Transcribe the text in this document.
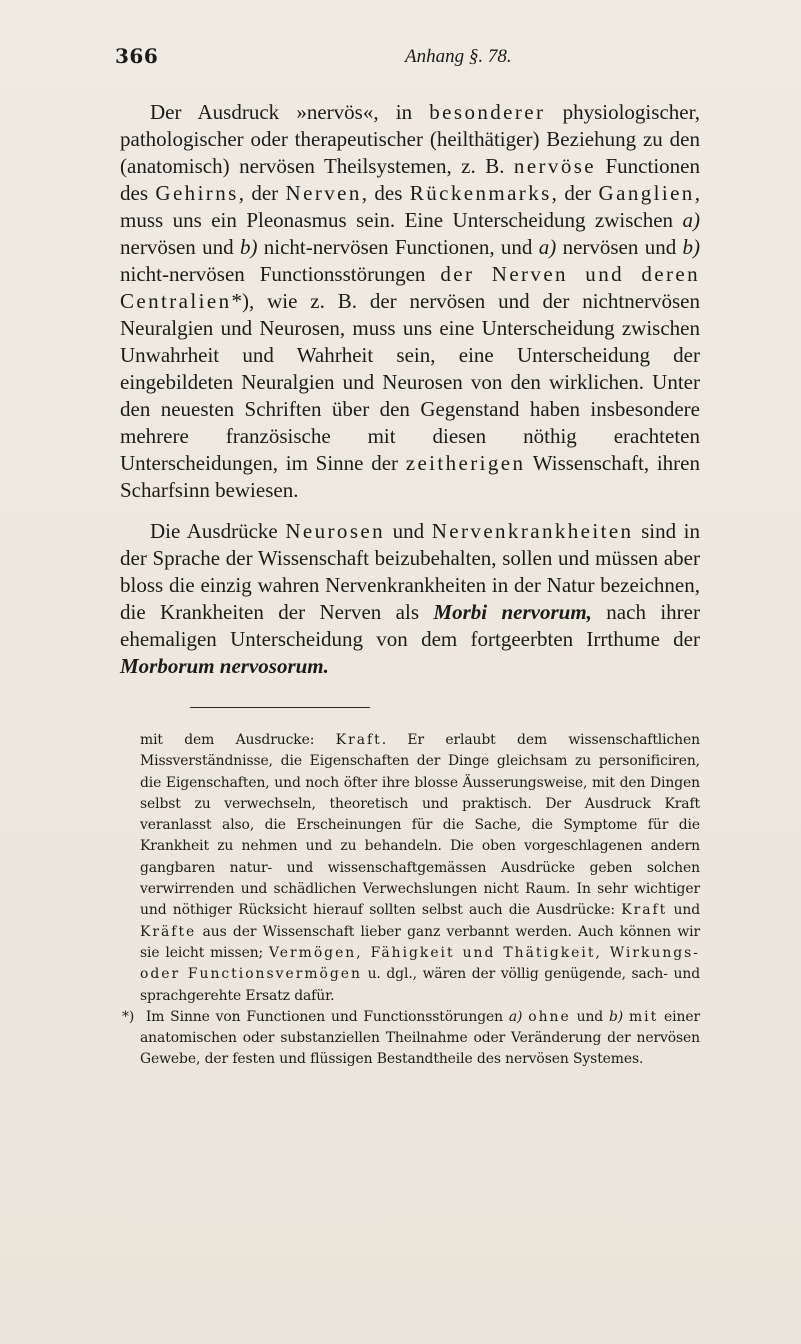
366	Anhang §. 78.

Der Ausdruck »nervös«, in besonderer physiologischer, pathologischer oder therapeutischer (heilthätiger) Beziehung zu den (anatomisch) nervösen Theilsystemen, z. B. nervöse Functionen des Gehirns, der Nerven, des Rückenmarks, der Ganglien, muss uns ein Pleonasmus sein. Eine Unterscheidung zwischen a) nervösen und b) nicht-nervösen Functionen, und a) nervösen und b) nicht-nervösen Functionsstörungen der Nerven und deren Centralien*), wie z. B. der nervösen und der nichtnervösen Neuralgien und Neurosen, muss uns eine Unterscheidung zwischen Unwahrheit und Wahrheit sein, eine Unterscheidung der eingebildeten Neuralgien und Neurosen von den wirklichen. Unter den neuesten Schriften über den Gegenstand haben insbesondere mehrere französische mit diesen nöthig erachteten Unterscheidungen, im Sinne der zeitherigen Wissenschaft, ihren Scharfsinn bewiesen.

Die Ausdrücke Neurosen und Nervenkrankheiten sind in der Sprache der Wissenschaft beizubehalten, sollen und müssen aber bloss die einzig wahren Nervenkrankheiten in der Natur bezeichnen, die Krankheiten der Nerven als Morbi nervorum, nach ihrer ehemaligen Unterscheidung von dem fortgeerbten Irrthume der Morborum nervosorum.

mit dem Ausdrucke: Kraft. Er erlaubt dem wissenschaftlichen Missverständnisse, die Eigenschaften der Dinge gleichsam zu personificiren, die Eigenschaften, und noch öfter ihre blosse Äusserungsweise, mit den Dingen selbst zu verwechseln, theoretisch und praktisch. Der Ausdruck Kraft veranlasst also, die Erscheinungen für die Sache, die Symptome für die Krankheit zu nehmen und zu behandeln. Die oben vorgeschlagenen andern gangbaren natur- und wissenschaftgemässen Ausdrücke geben solchen verwirrenden und schädlichen Verwechslungen nicht Raum. In sehr wichtiger und nöthiger Rücksicht hierauf sollten selbst auch die Ausdrücke: Kraft und Kräfte aus der Wissenschaft lieber ganz verbannt werden. Auch können wir sie leicht missen; Vermögen, Fähigkeit und Thätigkeit, Wirkungs- oder Functionsvermögen u. dgl., wären der völlig genügende, sach- und sprachgerehte Ersatz dafür.

*) Im Sinne von Functionen und Functionsstörungen a) ohne und b) mit einer anatomischen oder substanziellen Theilnahme oder Veränderung der nervösen Gewebe, der festen und flüssigen Bestandtheile des nervösen Systemes.
